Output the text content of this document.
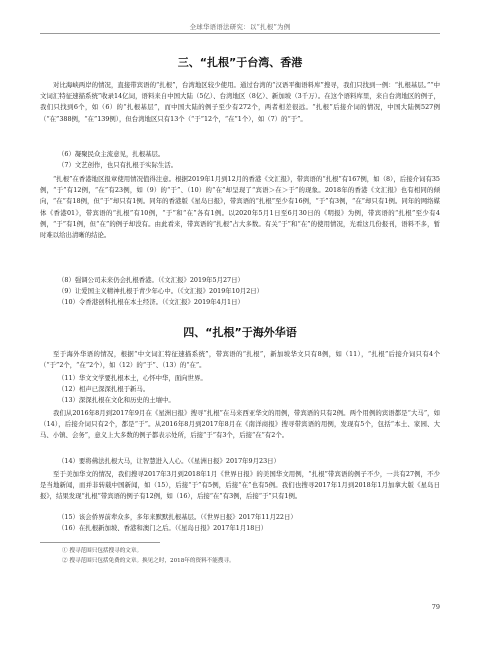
全球华语语法研究：以“扎根”为例
三、“扎根”于台湾、香港

对比海峡两岸的情况，直接带宾语的“扎根”，台湾地区较少使用。通过台湾的“汉语平衡语料库”搜寻，我们只找到一例：“扎根基层。”“中文词汇特征速描系统”收录14亿词，语料来自中国大陆（5亿）、台湾地区（8亿）、新加坡（3千万）。在这个语料库里，来自台湾地区的例子，我们只找到6个，如（6）的“扎根基层”，而中国大陆的例子至少有272个，两者相差很远。“扎根”后接介词的情况，中国大陆例527例（“在”388例，“在”139例），但台湾地区只有13个（“于”12个，“在”1个），如（7）的“于”。

（6）凝聚民众主流意见，扎根基层。
（7）文艺创作，也只有扎根于实际生活。

“扎根”在香港地区报章使用情况值得注意。根据2019年1月到12月的香港《文汇报》，带宾语的“扎根”有167例，如（8），后接介词有35例，“于”有12例，“在”有23例，如（9）的“于”、（10）的“在”却呈现了“宾语＞在＞于”的现象。2018年的香港《文汇报》也有相同的倾向，“在”有18例，但“于”却只有1例。同年的香港版《星岛日报》，带宾语的“扎根”至少有16例，“于”有3例，“在”却只有1例。同年的网络媒体《香港01》，带宾语的“扎根”有10例，“于”和“在”各有1例。以2020年5月1日至6月30日的《明报》为例，带宾语的“扎根”至少有4例，“于”有1例，但“在”的例子却没有。由此看来，带宾语的“扎根”占大多数。有关“于”和“在”的使用情况，光看这几份报刊，语料不多，暂时难以给出清晰的结论。

（8）强调公司未来仍会扎根香港。（《文汇报》2019年5月27日）
（9）让爱国主义精神扎根于青少年心中。（《文汇报》2019年10月2日）
（10）令香港创科扎根在本土经济。（《文汇报》2019年4月1日）
四、“扎根”于海外华语

至于海外华语的情况，根据“中文词汇特征速描系统”，带宾语的“扎根”，新加坡华文只有8例，如（11），“扎根”后接介词只有4个（“于”2个，“在”2个），如（12）的“于”、（13）的“在”。

（11）华文文学要扎根本土，心怀中华，面向世界。
（12）相声已深深扎根于新马。
（13）深深扎根在文化和历史的土壤中。

我们从2016年8月到2017年9月在《星洲日报》搜寻“扎根”在马来西亚华文的用例，带宾语的只有2例。两个用例的宾语都是“大马”，如（14），后接介词只有2个，都是“于”。从2016年8月到2017年8月在《南洋商报》搜寻带宾语的用例，发现有5个，包括“本土、家园、大马、小镇、会务”，意义上大多数的例子都表示处所，后接“于”有3个，后接“在”有2个。

（14）要将佛法扎根大马，让智慧进入人心。（《星洲日报》2017年9月23日）

至于美加华文的情况，我们搜寻2017年3月到2018年1月《世界日报》的美国华文用例，“扎根”带宾语的例子不少，一共有27例，不少是当地新闻，而并非转载中国新闻，如（15），后接“于”有5例，后接“在”也有5例。我们也搜寻2017年1月到2018年1月加拿大版《星岛日报》，结果发现“扎根”带宾语的例子有12例，如（16），后接“在”有3例，后接“于”只有1例。

（15）该会侨界前辈众多，多年来默默扎根基层。（《世界日报》2017年11月22日）
（16）在扎根新加坡、香港和澳门之后。（《星岛日报》2017年1月18日）
① 搜寻范围只包括搜寻的文章。
② 搜寻范围只包括免费的文章。换见之时，2018年的资料不能搜寻。
79
